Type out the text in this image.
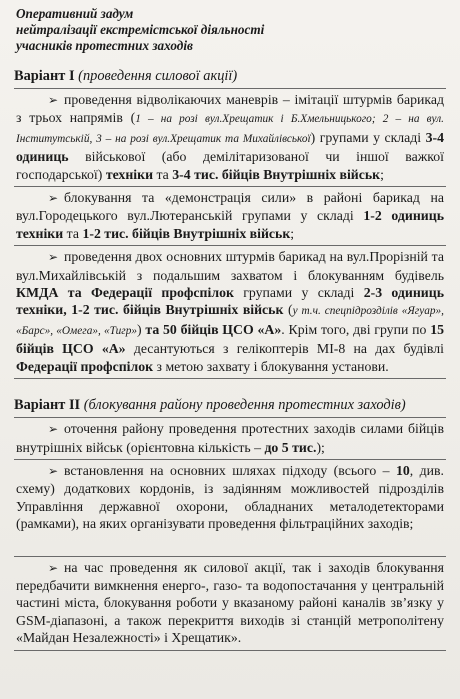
Оперативний задум
нейтралізації екстремістської діяльності
учасників протестних заходів
Варіант I (проведення силової акції)
➢ проведення відволікаючих маневрів – імітації штурмів барикад з трьох напрямів (1 – на розі вул.Хрещатик і Б.Хмельницького; 2 – на вул. Інститутській, 3 – на розі вул.Хрещатик та Михайлівської) групами у складі 3-4 одиниць військової (або демілітаризованої чи іншої важкої господарської) техніки та 3-4 тис. бійців Внутрішніх військ;
➢ блокування та «демонстрація сили» в районі барикад на вул.Городецького вул.Лютеранській групами у складі 1-2 одиниць техніки та 1-2 тис. бійців Внутрішніх військ;
➢ проведення двох основних штурмів барикад на вул.Прорізній та вул.Михайлівській з подальшим захватом і блокуванням будівель КМДА та Федерації профспілок групами у складі 2-3 одиниць техніки, 1-2 тис. бійців Внутрішніх військ (у т.ч. спецпідрозділів «Ягуар», «Барс», «Омега», «Тигр») та 50 бійців ЦСО «А». Крім того, дві групи по 15 бійців ЦСО «А» десантуються з гелікоптерів МІ-8 на дах будівлі Федерації профспілок з метою захвату і блокування установи.
Варіант II (блокування району проведення протестних заходів)
➢ оточення району проведення протестних заходів силами бійців внутрішніх військ (орієнтовна кількість – до 5 тис.);
➢ встановлення на основних шляхах підходу (всього – 10, див. схему) додаткових кордонів, із задіянням можливостей підрозділів Управління державної охорони, обладнаних металодетекторами (рамками), на яких організувати проведення фільтраційних заходів;
➢ на час проведення як силової акції, так і заходів блокування передбачити вимкнення енерго-, газо- та водопостачання у центральній частині міста, блокування роботи у вказаному районі каналів зв’язку у GSM-діапазоні, а також перекриття виходів зі станцій метрополітену «Майдан Незалежності» і Хрещатик».
